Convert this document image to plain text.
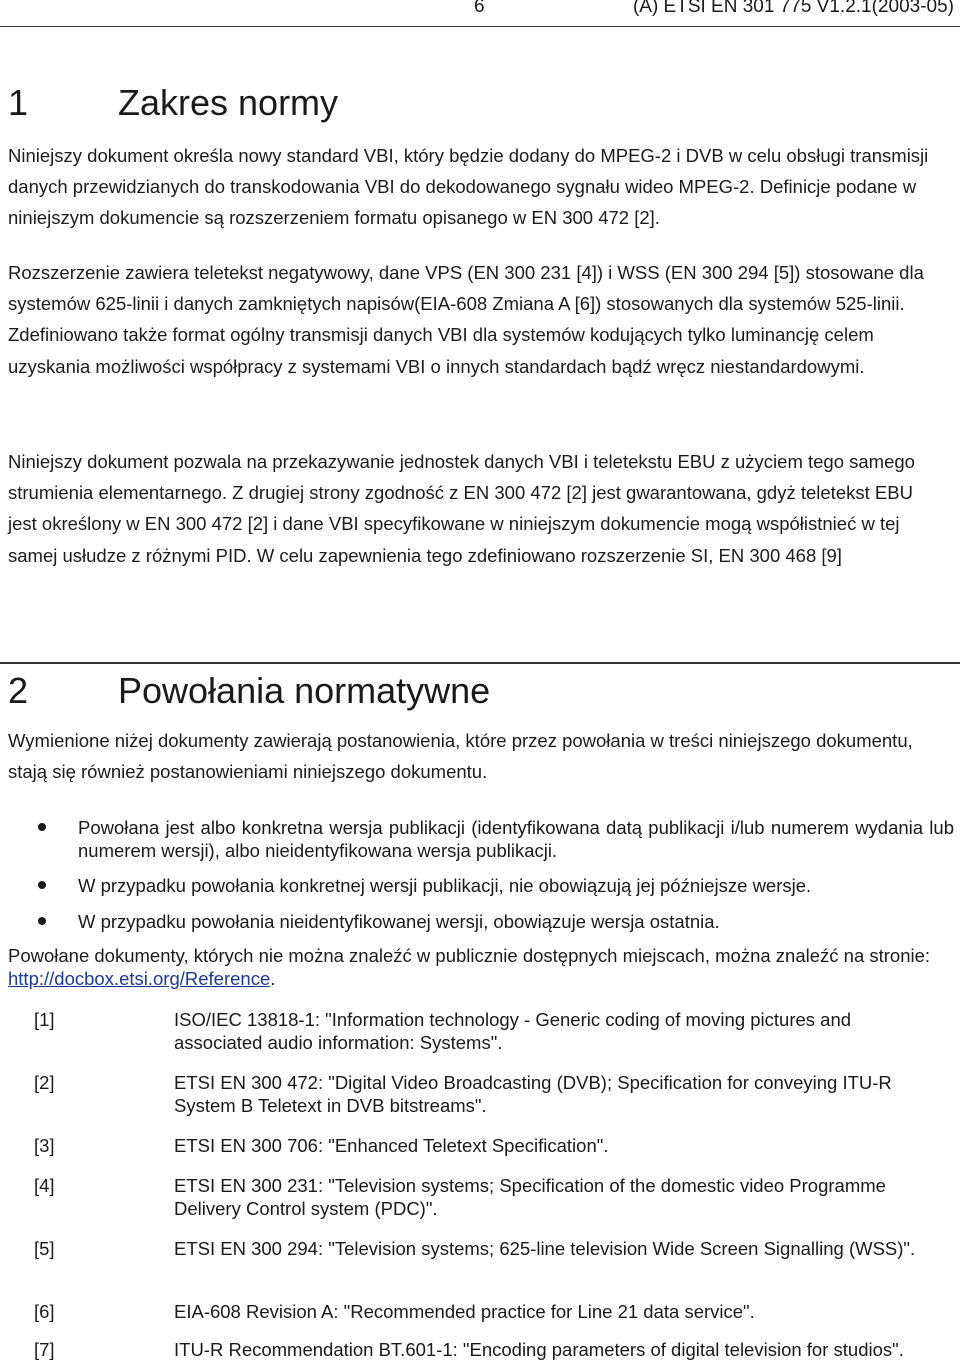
6	(A) ETSI EN 301 775 V1.2.1(2003-05)
1 Zakres normy

Niniejszy dokument określa nowy standard VBI, który będzie dodany do MPEG-2 i DVB w celu obsługi transmisji danych przewidzianych do transkodowania VBI do dekodowanego sygnału wideo MPEG-2. Definicje podane w niniejszym dokumencie są rozszerzeniem formatu opisanego w EN 300 472 [2].

Rozszerzenie zawiera teletekst negatywowy, dane VPS (EN 300 231 [4]) i WSS (EN 300 294 [5]) stosowane dla systemów 625-linii i danych zamkniętych napisów(EIA-608 Zmiana A [6]) stosowanych dla systemów 525-linii. Zdefiniowano także format ogólny transmisji danych VBI dla systemów kodujących tylko luminancję celem uzyskania możliwości współpracy z systemami VBI o innych standardach bądź wręcz niestandardowymi.

Niniejszy dokument pozwala na przekazywanie jednostek danych VBI i teletekstu EBU z użyciem tego samego strumienia elementarnego. Z drugiej strony zgodność z EN 300 472 [2] jest gwarantowana, gdyż teletekst EBU jest określony w EN 300 472 [2] i dane VBI specyfikowane w niniejszym dokumencie mogą współistnieć w tej samej usłudze z różnymi PID. W celu zapewnienia tego zdefiniowano rozszerzenie SI, EN 300 468 [9]

2 Powołania normatywne

Wymienione niżej dokumenty zawierają postanowienia, które przez powołania w treści niniejszego dokumentu, stają się również postanowieniami niniejszego dokumentu.

Powołana jest albo konkretna wersja publikacji (identyfikowana datą publikacji i/lub numerem wydania lub numerem wersji), albo nieidentyfikowana wersja publikacji.
W przypadku powołania konkretnej wersji publikacji, nie obowiązują jej późniejsze wersje.
W przypadku powołania nieidentyfikowanej wersji, obowiązuje wersja ostatnia.

Powołane dokumenty, których nie można znaleźć w publicznie dostępnych miejscach, można znaleźć na stronie: http://docbox.etsi.org/Reference.

[1]	ISO/IEC 13818-1: "Information technology - Generic coding of moving pictures and associated audio information: Systems".
[2]	ETSI EN 300 472: "Digital Video Broadcasting (DVB); Specification for conveying ITU-R System B Teletext in DVB bitstreams".
[3]	ETSI EN 300 706: "Enhanced Teletext Specification".
[4]	ETSI EN 300 231: "Television systems; Specification of the domestic video Programme Delivery Control system (PDC)".
[5]	ETSI EN 300 294: "Television systems; 625-line television Wide Screen Signalling (WSS)".
[6]	EIA-608 Revision A: "Recommended practice for Line 21 data service".
[7]	ITU-R Recommendation BT.601-1: "Encoding parameters of digital television for studios".
